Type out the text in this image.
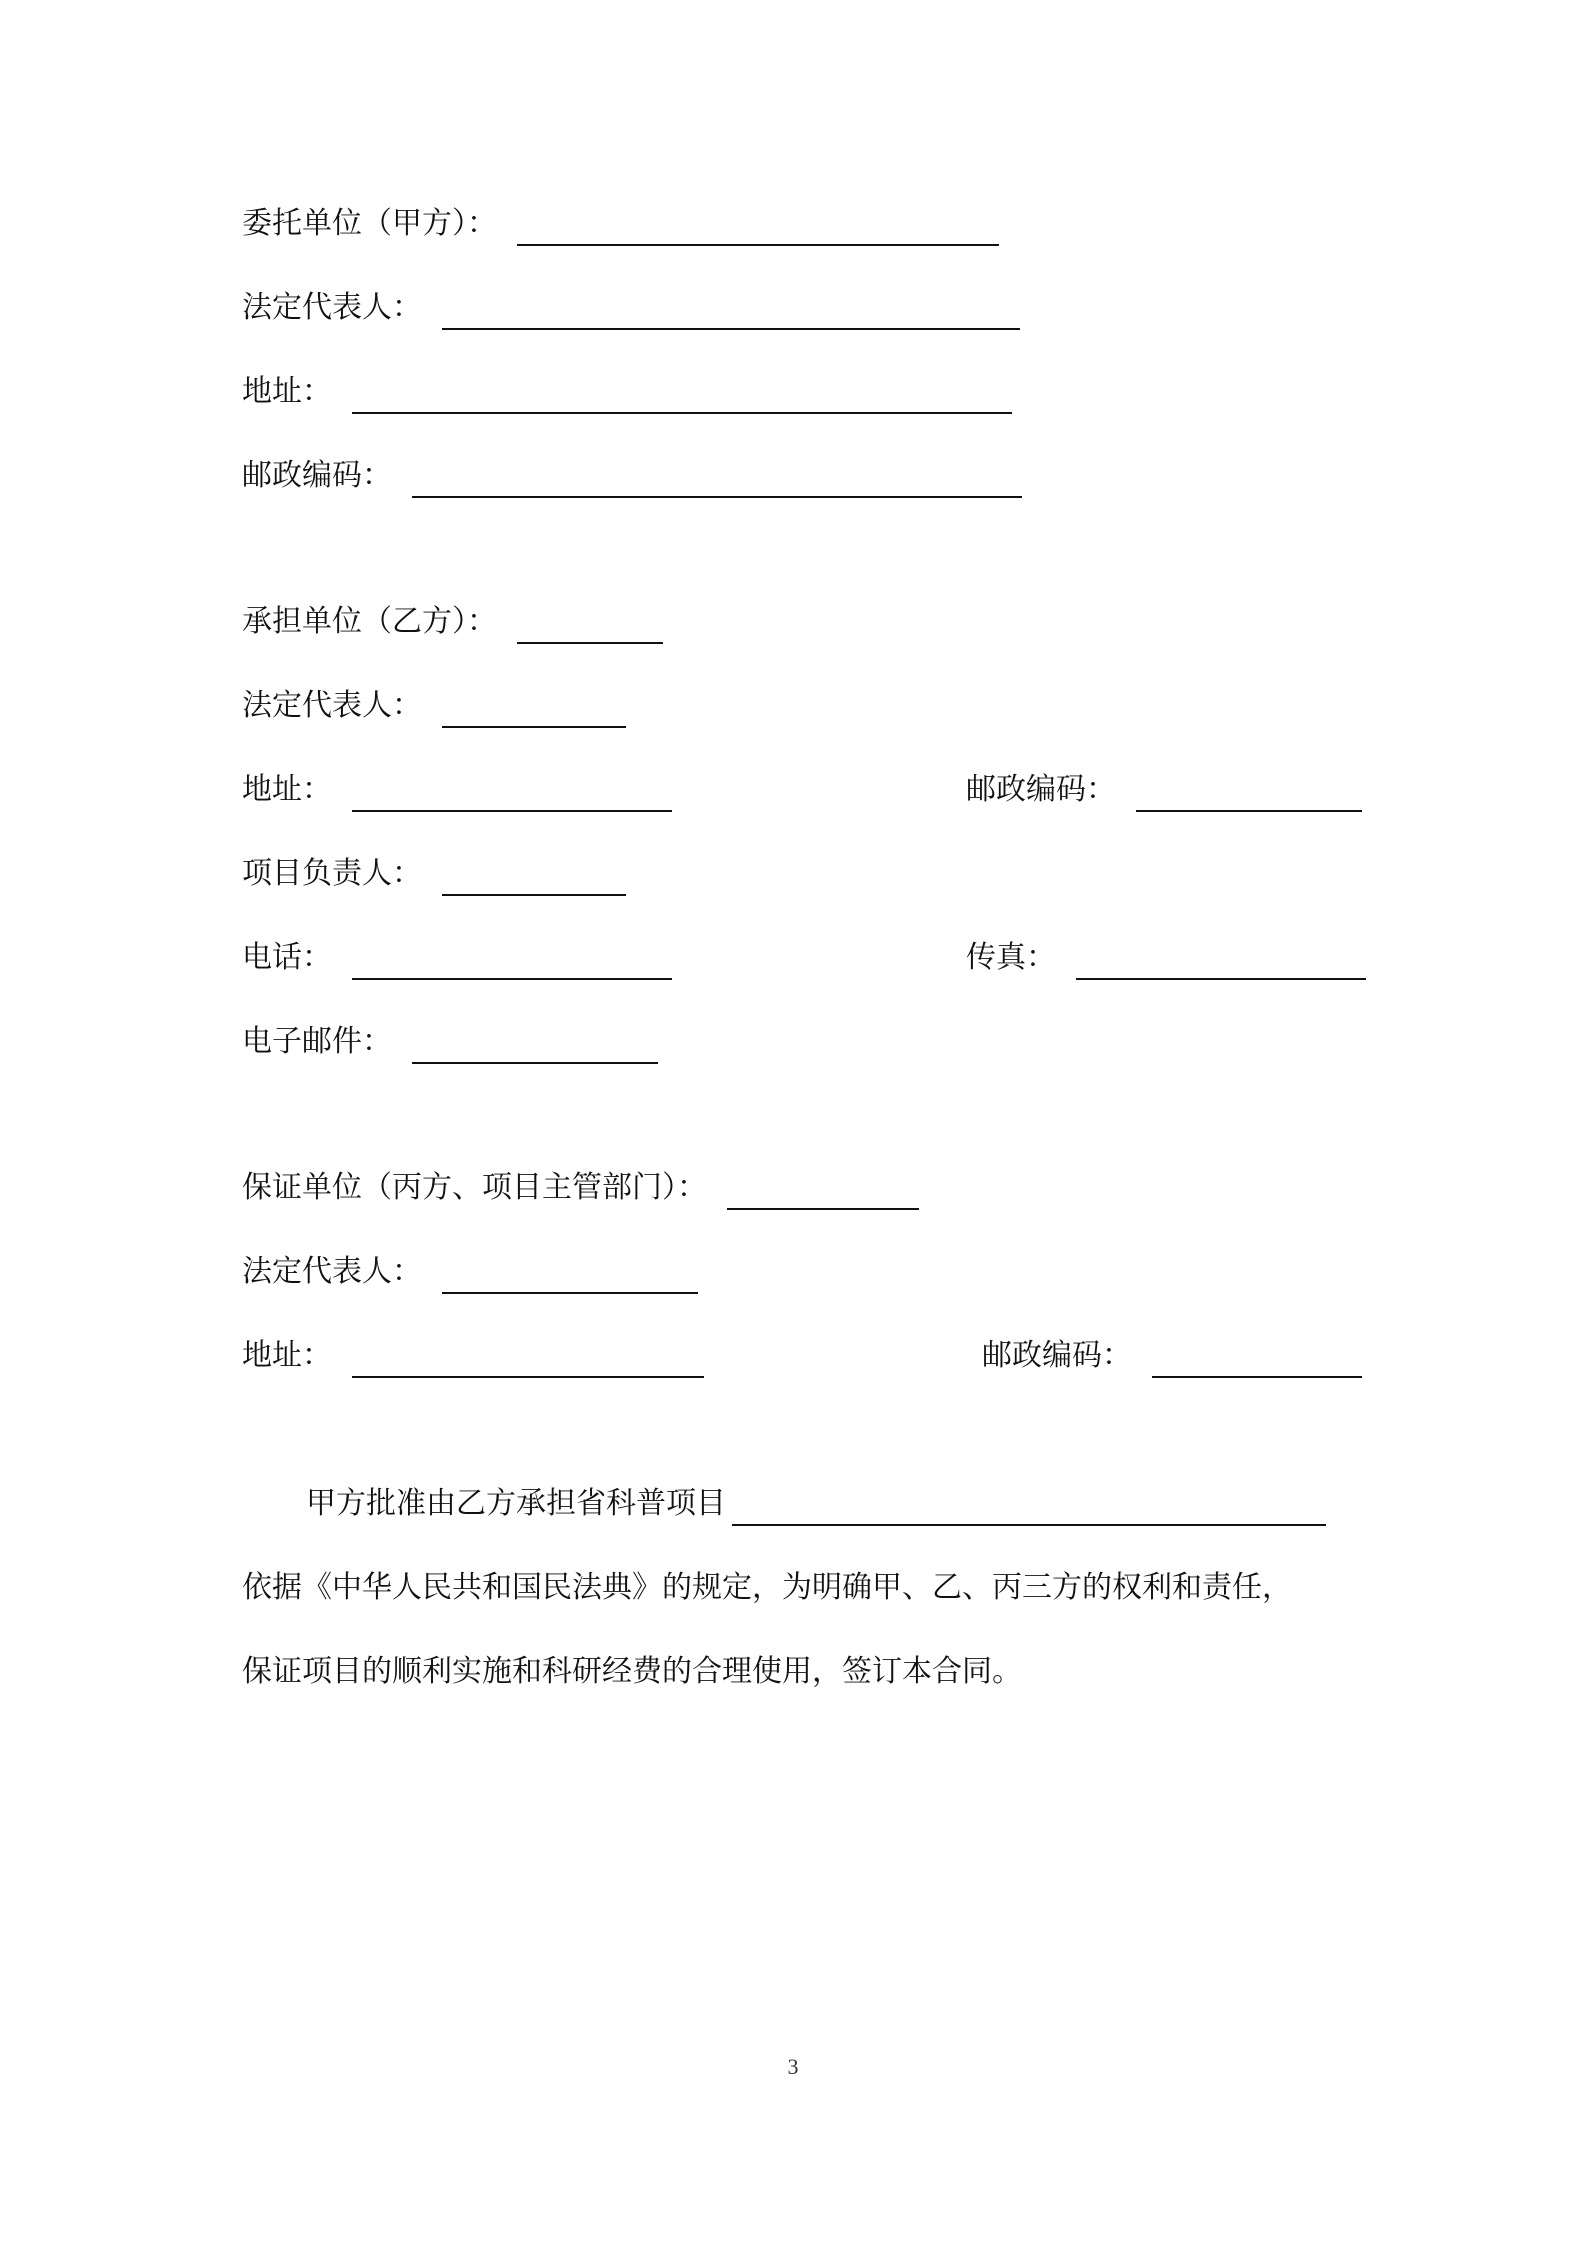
委托单位（甲方）：
法定代表人：
地址：
邮政编码：
承担单位（乙方）：
法定代表人：
地址：	邮政编码：
项目负责人：
电话：	传真：
电子邮件：
保证单位（丙方、项目主管部门）：
法定代表人：
地址：	邮政编码：
甲方批准由乙方承担省科普项目
依据《中华人民共和国民法典》的规定，为明确甲、乙、丙三方的权利和责任，
保证项目的顺利实施和科研经费的合理使用，签订本合同。
3
